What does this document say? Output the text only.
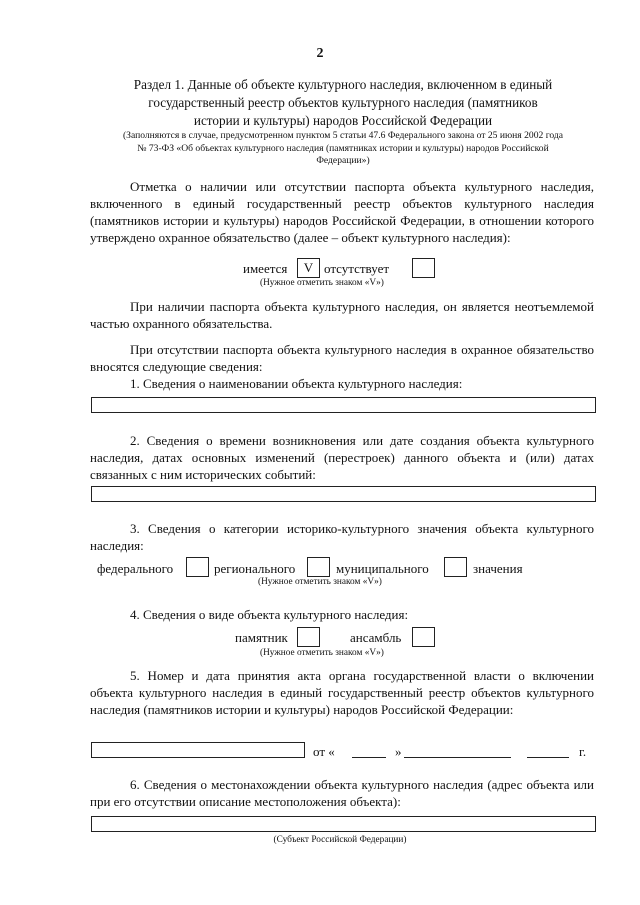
2
Раздел 1. Данные об объекте культурного наследия, включенном в единый
государственный реестр объектов культурного наследия (памятников
истории и культуры) народов Российской Федерации
(Заполняются в случае, предусмотренном пунктом 5 статьи 47.6 Федерального закона от 25 июня 2002 года
№ 73-ФЗ «Об объектах культурного наследия (памятниках истории и культуры) народов Российской
Федерации»)
Отметка о наличии или отсутствии паспорта объекта культурного наследия, включенного в единый государственный реестр объектов культурного наследия (памятников истории и культуры) народов Российской Федерации, в отношении которого утверждено охранное обязательство (далее – объект культурного наследия):
имеется	V отсутствует
(Нужное отметить знаком «V»)
При наличии паспорта объекта культурного наследия, он является неотъемлемой частью охранного обязательства.
При отсутствии паспорта объекта культурного наследия в охранное обязательство вносятся следующие сведения:
1. Сведения о наименовании объекта культурного наследия:
2. Сведения о времени возникновения или дате создания объекта культурного наследия, датах основных изменений (перестроек) данного объекта и (или) датах связанных с ним исторических событий:
3. Сведения о категории историко-культурного значения объекта культурного наследия:
федерального	регионального	муниципального	значения
(Нужное отметить знаком «V»)
4. Сведения о виде объекта культурного наследия:
памятник	ансамбль
(Нужное отметить знаком «V»)
5. Номер и дата принятия акта органа государственной власти о включении объекта культурного наследия в единый государственный реестр объектов культурного наследия (памятников истории и культуры) народов Российской Федерации:
от «	»	г.
6. Сведения о местонахождении объекта культурного наследия (адрес объекта или при его отсутствии описание местоположения объекта):
(Субъект Российской Федерации)
